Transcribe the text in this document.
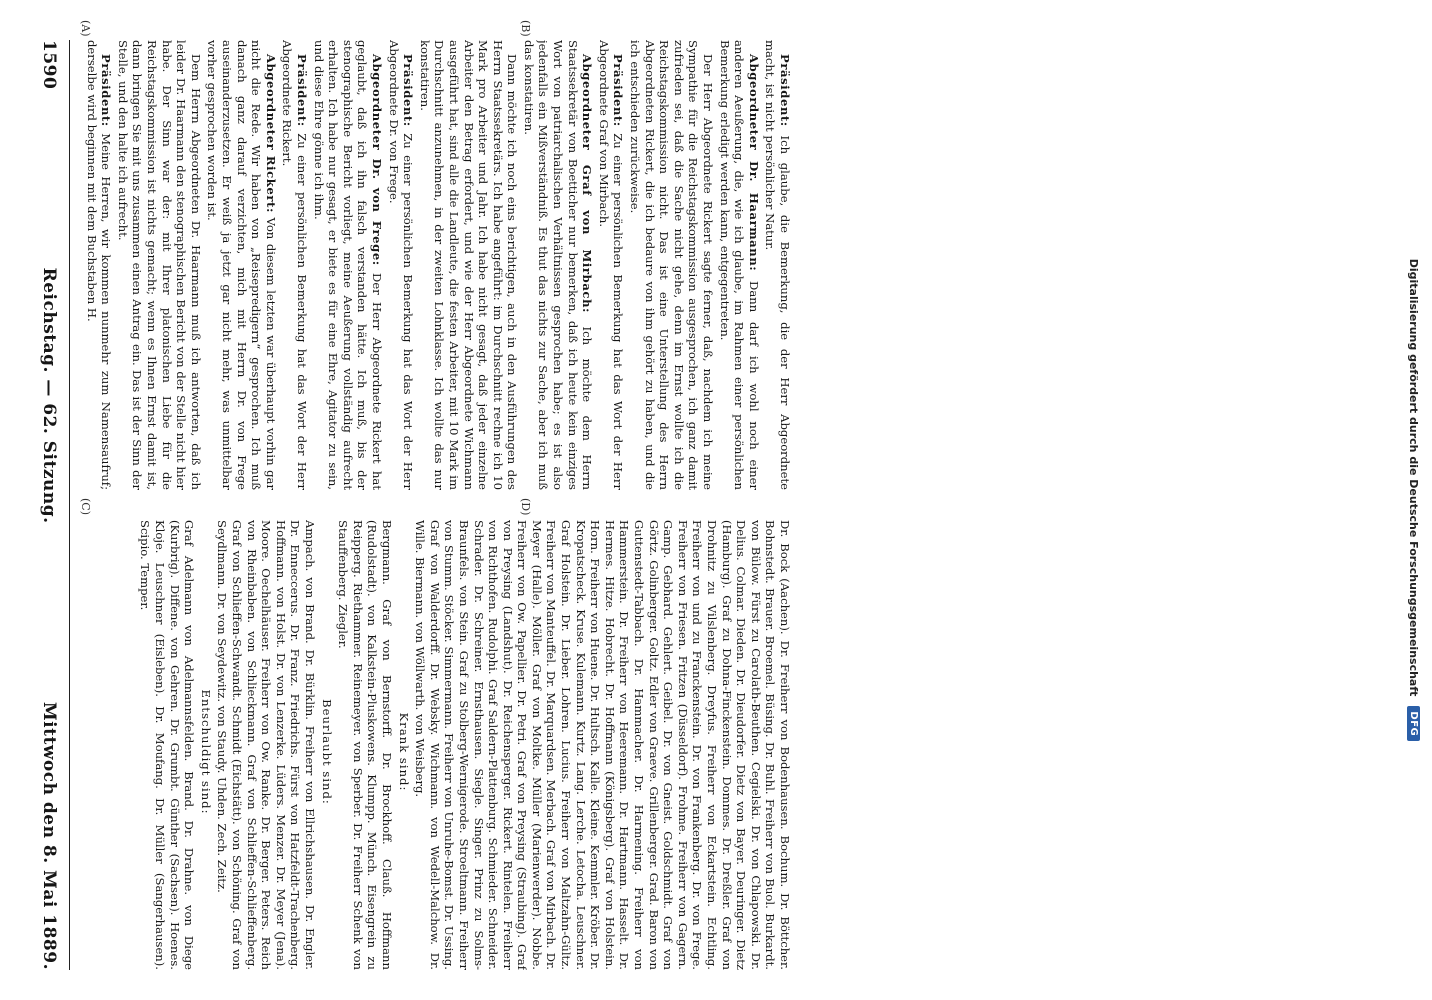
1590
Reichstag. — 62. Sitzung.
Mittwoch den 8. Mai 1889.
(A)	(B)
(C)	(D)

Präsident: Ich glaube, die Bemerkung, die der Herr Abgeordnete macht, ist nicht persönlicher Natur.

Abgeordneter Dr. Haarmann: Dann darf ich wohl noch einer anderen Aeußerung, die, wie ich glaube, im Rahmen einer persönlichen Bemerkung erledigt werden kann, entgegentreten.

Der Herr Abgeordnete Rickert sagte ferner, daß, nachdem ich meine Sympathie für die Reichstagskommission ausgesprochen, ich ganz damit zufrieden sei, daß die Sache nicht gehe, denn im Ernst wollte ich die Reichstagskommission nicht. Das ist eine Unterstellung des Herrn Abgeordneten Rickert, die ich bedaure von ihm gehört zu haben, und die ich entschieden zurückweise.

Präsident: Zu einer persönlichen Bemerkung hat das Wort der Herr Abgeordnete Graf von Mirbach.

Abgeordneter Graf von Mirbach: Ich möchte dem Herrn Staatssekretär von Boetticher nur bemerken, daß ich heute kein einziges Wort von patriarchalischen Verhältnissen gesprochen habe; es ist also jedenfalls ein Mißverständniß. Es thut das nichts zur Sache, aber ich muß das konstatiren.

Dann möchte ich noch eins berichtigen, auch in den Ausführungen des Herrn Staatssekretärs. Ich habe angeführt: im Durchschnitt rechne ich 10 Mark pro Arbeiter und Jahr. Ich habe nicht gesagt, daß jeder einzelne Arbeiter den Betrag erfordert, und wie der Herr Abgeordnete Wichmann ausgeführt hat, sind alle die Landleute, die festen Arbeiter, mit 10 Mark im Durchschnitt anzunehmen, in der zweiten Lohnklasse. Ich wollte das nur konstatiren.

Präsident: Zu einer persönlichen Bemerkung hat das Wort der Herr Abgeordnete Dr. von Frege.

Abgeordneter Dr. von Frege: Der Herr Abgeordnete Rickert hat geglaubt, daß ich ihn falsch verstanden hätte. Ich muß, bis der stenographische Bericht vorliegt, meine Aeußerung vollständig aufrecht erhalten. Ich habe nur gesagt, er biete es für eine Ehre, Agitator zu sein, und diese Ehre gönne ich ihm.

Präsident: Zu einer persönlichen Bemerkung hat das Wort der Herr Abgeordnete Rickert.

Abgeordneter Rickert: Von diesem letzten war überhaupt vorhin gar nicht die Rede. Wir haben von „Reisepredigern“ gesprochen. Ich muß danach ganz darauf verzichten, mich mit Herrn Dr. von Frege auseinanderzusetzen. Er weiß ja jetzt gar nicht mehr, was unmittelbar vorher gesprochen worden ist.

Dem Herrn Abgeordneten Dr. Haarmann muß ich antworten, daß ich leider Dr. Haarmann den stenographischen Bericht von der Stelle nicht hier habe. Der Sinn war der: mit Ihrer platonischen Liebe für die Reichstagskommission ist nichts gemacht; wenn es Ihnen Ernst damit ist, dann bringen Sie mit uns zusammen einen Antrag ein. Das ist der Sinn der Stelle, und den halte ich aufrecht.

Präsident: Meine Herren, wir kommen nunmehr zum Namensaufruf; derselbe wird beginnen mit dem Buchstaben H.

Dr. Bock (Aachen). Dr. Freiherr von Bodenhausen. Bochum. Dr. Böttcher. Bohnstedt. Brauer. Broemel. Büsing. Dr. Buhl. Freiherr von Buol. Burkardt. von Bülow. Fürst zu Carolath-Beuthen. Cegielski. Dr. von Chlapowski. Dr. Delius. Colmar. Dieden. Dr. Dieudorfer. Dietz von Bayer. Deuringer. Dietz (Hamburg). Graf zu Dohna-Finckenstein. Dommes. Dr. Dreßler. Graf von Drohnitz zu Vilslenberg. Dreyfus. Freiherr von Eckartstein. Echtling. Freiherr von und zu Franckenstein. Dr. von Frankenberg. Dr. von Frege. Freiherr von Friesen. Fritzen (Düsseldorf). Frohme. Freiherr von Gagern. Gamp. Gebhard. Gehlert. Geibel. Dr. von Gneist. Goldschmidt. Graf von Görtz. Golinberger. Goltz. Edler von Graeve. Grillenberger. Grad. Baron von Guttenstedt-Tabbach. Dr. Hammacher. Dr. Harmening. Freiherr von Hammerstein. Dr. Freiherr von Heeremann. Dr. Hartmann. Hasselt. Dr. Hermes. Hitze. Hobrecht. Dr. Hoffmann (Königsberg). Graf von Holstein. Horn. Freiherr von Huene. Dr. Hultsch. Kalle. Kleine. Kemmler. Kröber. Dr. Kropatscheck. Kruse. Kulemann. Kurtz. Lang. Lerche. Letocha. Leuschner. Graf Holstein. Dr. Lieber. Lohren. Lucius. Freiherr von Maltzahn-Gültz. Freiherr von Manteuffel. Dr. Marquardsen. Merbach. Graf von Mirbach. Dr. Meyer (Halle). Möller. Graf von Moltke. Müller (Marienwerder). Nobbe. Freiherr von Ow. Papellier. Dr. Petri. Graf von Preysing (Straubing). Graf von Preysing (Landshut). Dr. Reichensperger. Rickert. Rintelen. Freiherr von Richthofen. Rudolphi. Graf Saldern-Plattenburg. Schmieder. Schneider. Schrader. Dr. Schreiner. Ernsthausen. Siegle. Singer. Prinz zu Solms-Braunfels. von Stein. Graf zu Stolberg-Wernigerode. Stroeltmann. Freiherr von Stumm. Stöcker. Simmermann. Freiherr von Unruhe-Bomst. Dr. Ussing. Graf von Walderdorff. Dr. Websky. Wichmann. von Wedell-Malchow. Dr. Wille. Biermann. von Wöllwarth. von Weisberg.

Krank sind:

Bergmann. Graf von Bernstorff. Dr. Brockhoff. Clauß. Hoffmann (Rudolstadt). von Kalkstein-Pluskowens. Klumpp. Münch. Eisengrein zu Reipperg. Riethammer. Reinemeyer. von Sperber. Dr. Freiherr Schenk von Stauffenberg. Ziegler.

Beurlaubt sind:

Ampach. von Brand. Dr. Bürklin. Freiherr von Ellrichshausen. Dr. Engler. Dr. Enneccerus. Dr. Franz. Friedrichs. Fürst von Hatzfeldt-Trachenberg. Hoffmann. von Holst. Dr. von Lenzerke. Lüders. Menzer. Dr. Meyer (Jena). Moore. Oechelhäuser. Freiherr von Ow. Ranke. Dr. Berger. Peters. Reich von Rheinbaben. von Schlieckmann. Graf von Schlieffen-Schlieffenberg. Graf von Schlieffen-Schwandt. Schmidt (Eichstätt). von Schöning. Graf von Seydlmann. Dr. von Seydewitz. von Staudy. Uhden. Zech. Zeitz.

Entschuldigt sind:

Graf Adelmann von Adelmannsfelden. Brand. Dr. Drahne. von Diege (Kurbrig). Diffene. von Gehren. Dr. Grumbt. Günther (Sachsen). Hoenes. Kloje. Leuschner (Eisleben). Dr. Moufang. Dr. Müller (Sangerhausen). Scipio. Temper.	Digitalisierung gefördert durch die Deutsche Forschungsgemeinschaft
DFG
